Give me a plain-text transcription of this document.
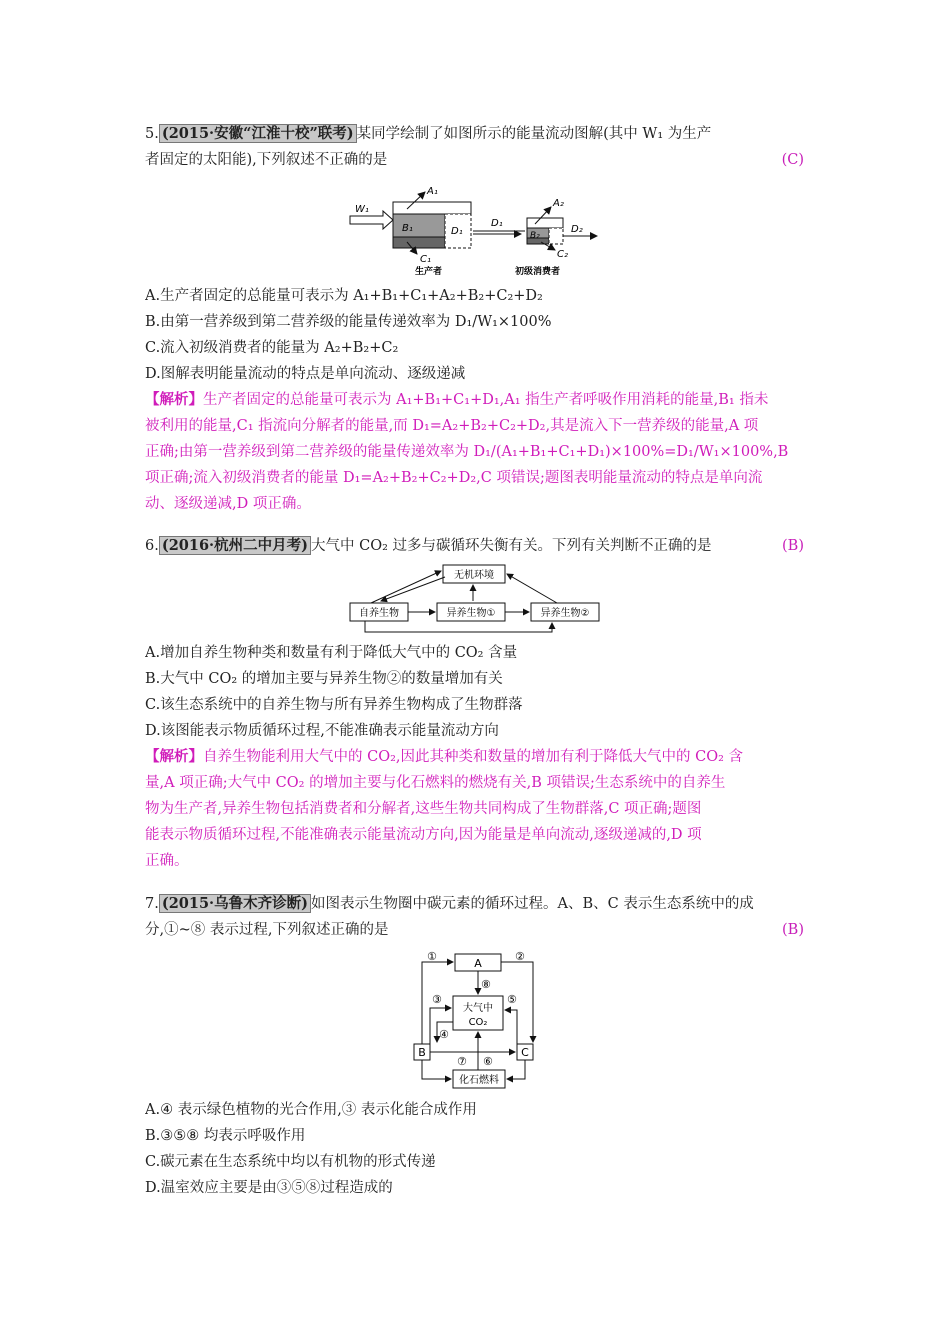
5. (2015·安徽“江淮十校”联考) 某同学绘制了如图所示的能量流动图解(其中 W₁ 为生产
者固定的太阳能),下列叙述不正确的是	(C)
W₁
A₁
B₁	D₁
C₁
生产者
D₁
A₂
B₂
C₂
D₂
初级消费者
A.生产者固定的总能量可表示为 A₁+B₁+C₁+A₂+B₂+C₂+D₂
B.由第一营养级到第二营养级的能量传递效率为 D₁/W₁×100%
C.流入初级消费者的能量为 A₂+B₂+C₂
D.图解表明能量流动的特点是单向流动、逐级递减
【解析】生产者固定的总能量可表示为 A₁+B₁+C₁+D₁,A₁ 指生产者呼吸作用消耗的能量,B₁ 指未
被利用的能量,C₁ 指流向分解者的能量,而 D₁=A₂+B₂+C₂+D₂,其是流入下一营养级的能量,A 项
正确;由第一营养级到第二营养级的能量传递效率为 D₁/(A₁+B₁+C₁+D₁)×100%=D₁/W₁×100%,B
项正确;流入初级消费者的能量 D₁=A₂+B₂+C₂+D₂,C 项错误;题图表明能量流动的特点是单向流
动、逐级递减,D 项正确。
6. (2016·杭州二中月考) 大气中 CO₂ 过多与碳循环失衡有关。下列有关判断不正确的是	(B)
无机环境
自养生物	异养生物①	异养生物②
A.增加自养生物种类和数量有利于降低大气中的 CO₂ 含量
B.大气中 CO₂ 的增加主要与异养生物②的数量增加有关
C.该生态系统中的自养生物与所有异养生物构成了生物群落
D.该图能表示物质循环过程,不能准确表示能量流动方向
【解析】自养生物能利用大气中的 CO₂,因此其种类和数量的增加有利于降低大气中的 CO₂ 含
量,A 项正确;大气中 CO₂ 的增加主要与化石燃料的燃烧有关,B 项错误;生态系统中的自养生
物为生产者,异养生物包括消费者和分解者,这些生物共同构成了生物群落,C 项正确;题图
能表示物质循环过程,不能准确表示能量流动方向,因为能量是单向流动,逐级递减的,D 项
正确。
7. (2015·乌鲁木齐诊断) 如图表示生物圈中碳元素的循环过程。A、B、C 表示生态系统中的成
分,①~⑧ 表示过程,下列叙述正确的是	(B)
A
大气中
CO₂
B	C
化石燃料
①	②
③
④
⑤
⑥
⑦
⑧
A.④ 表示绿色植物的光合作用,③ 表示化能合成作用
B.③⑤⑧ 均表示呼吸作用
C.碳元素在生态系统中均以有机物的形式传递
D.温室效应主要是由③⑤⑧过程造成的
